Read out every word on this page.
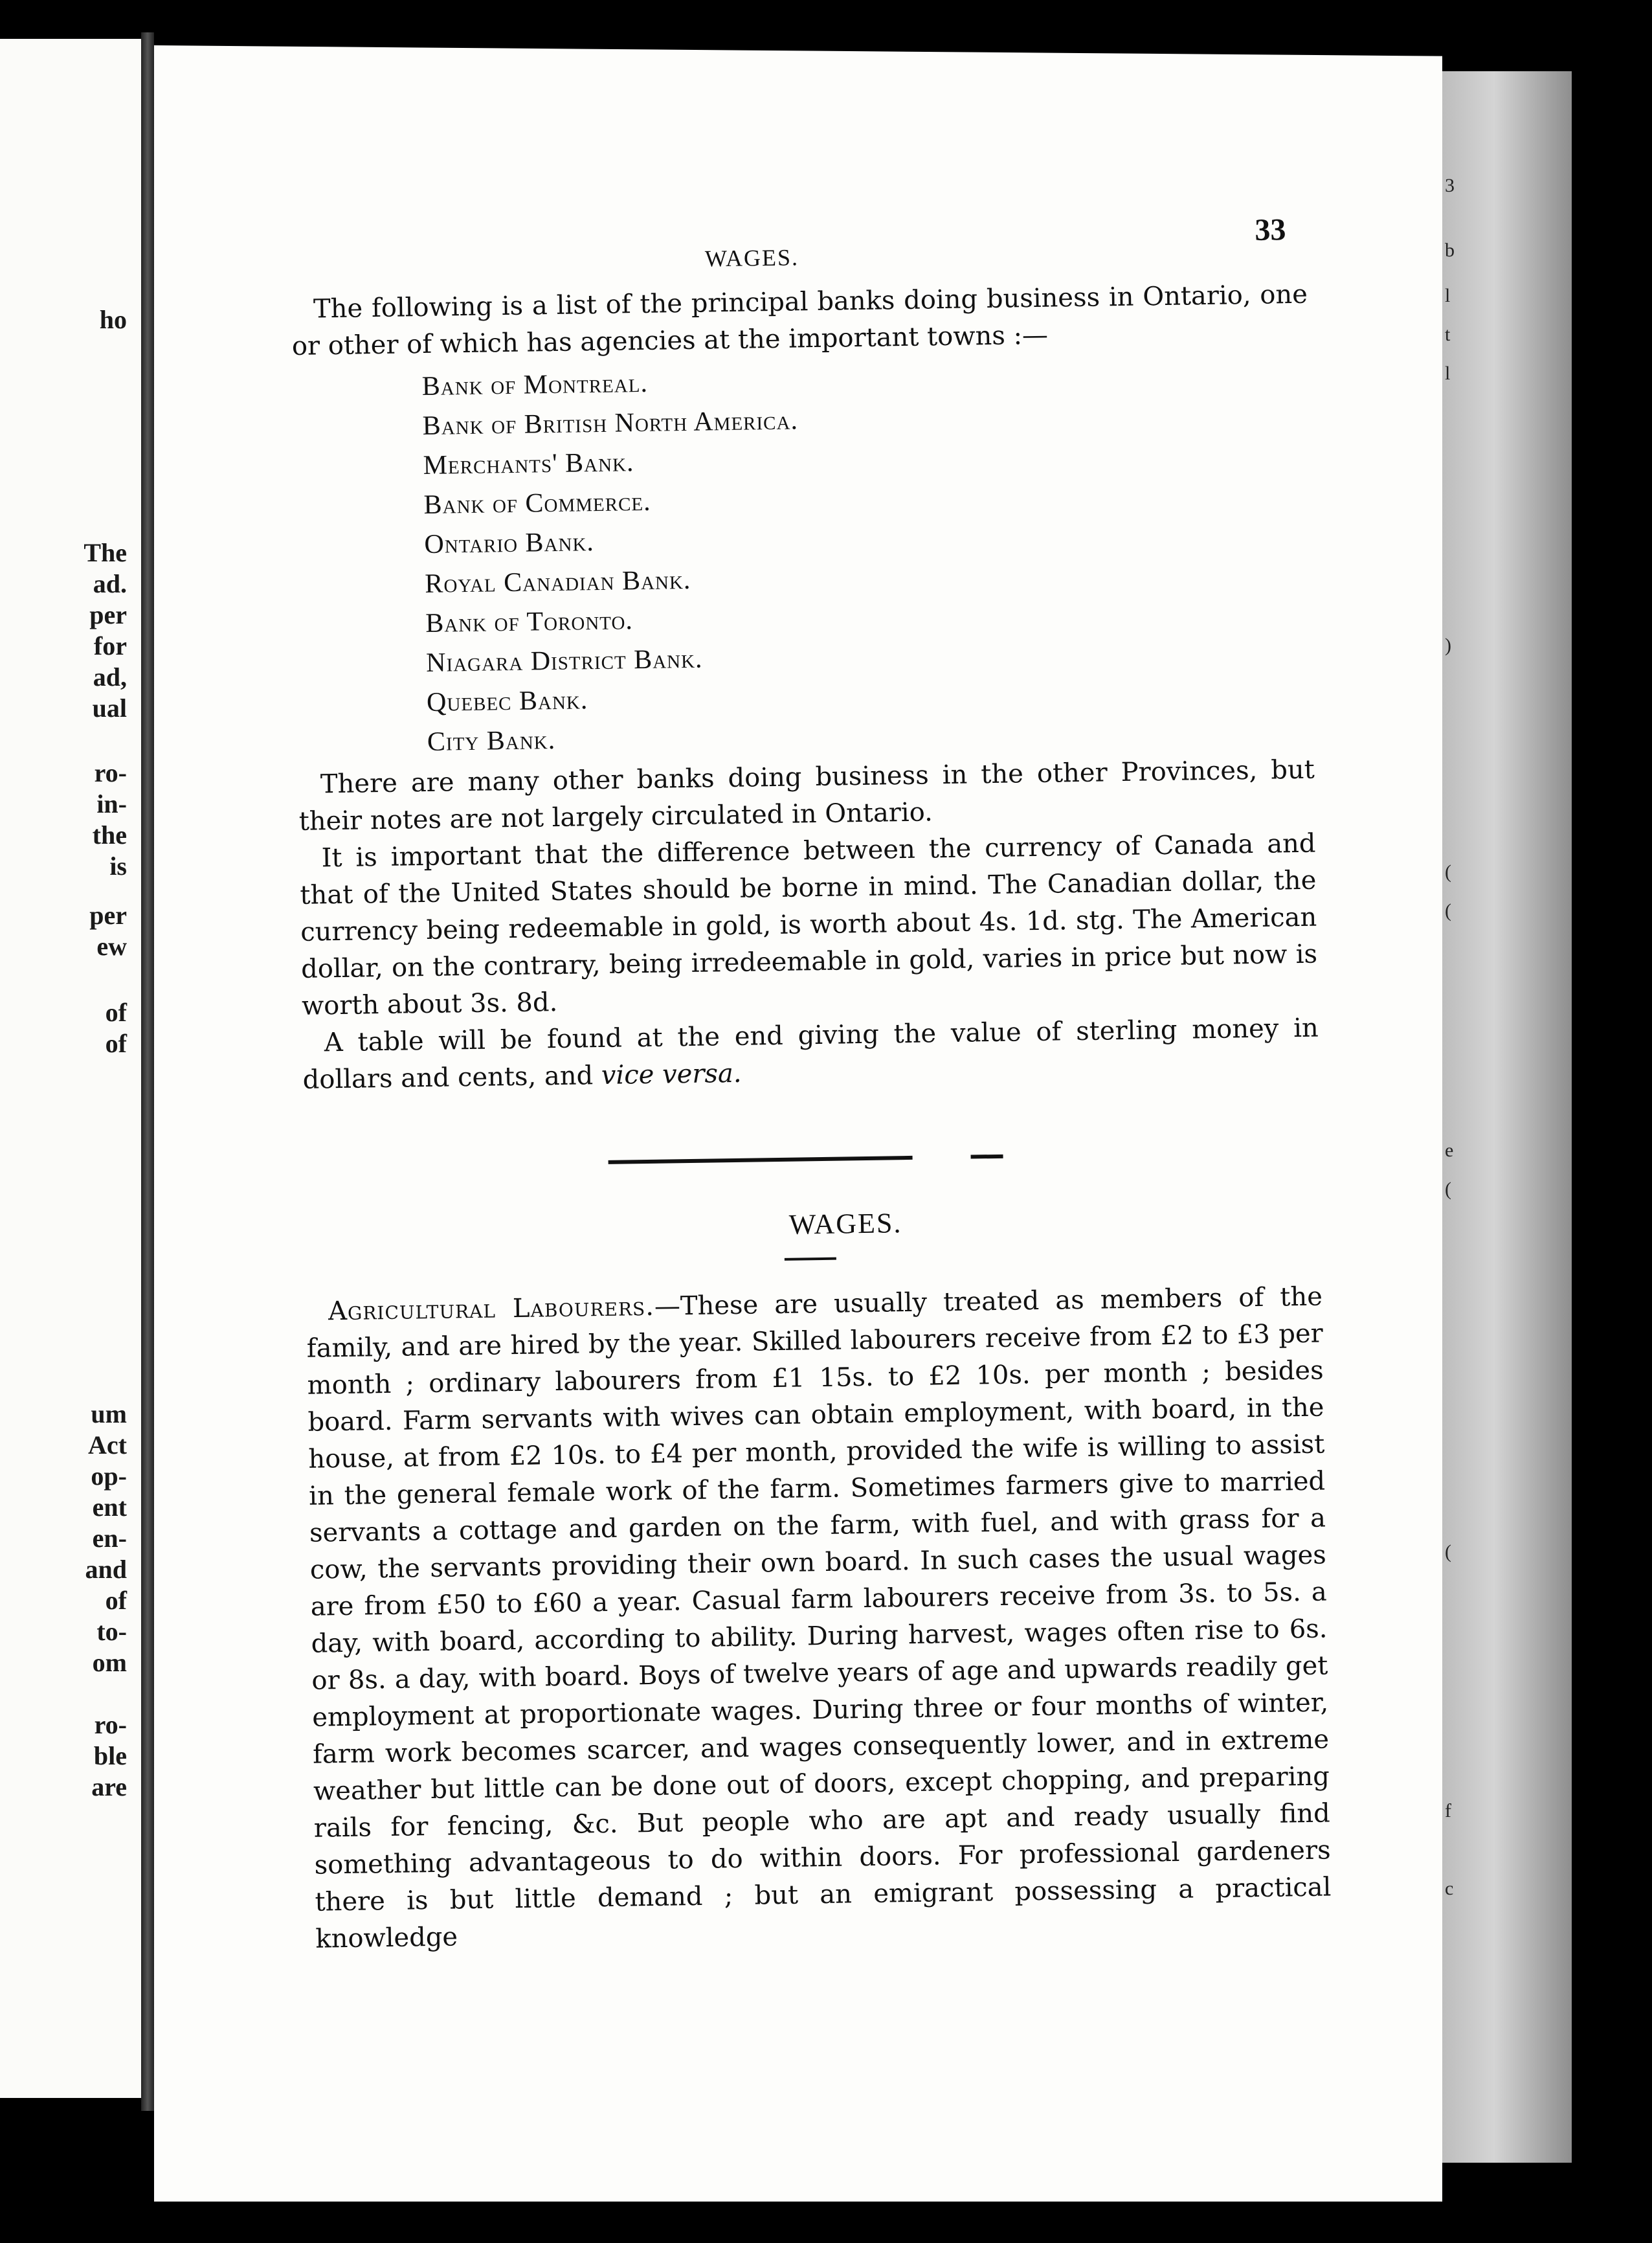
ho
The
ad.
per
for
ad,
ual
ro-
in-
the
is
per
ew
of
of
um
Act
op-
ent
en-
and
of
to-
om
ro-
ble
are
3
b
l
t
l
)
(
(
e
(
(
f
c
WAGES.
33

The following is a list of the principal banks doing business in Ontario, one or other of which has agencies at the important towns :—

Bank of Montreal.
Bank of British North America.
Merchants' Bank.
Bank of Commerce.
Ontario Bank.
Royal Canadian Bank.
Bank of Toronto.
Niagara District Bank.
Quebec Bank.
City Bank.

There are many other banks doing business in the other Provinces, but their notes are not largely circulated in Ontario.

It is important that the difference between the currency of Canada and that of the United States should be borne in mind. The Canadian dollar, the currency being redeemable in gold, is worth about 4s. 1d. stg. The American dollar, on the contrary, being irredeemable in gold, varies in price but now is worth about 3s. 8d.

A table will be found at the end giving the value of sterling money in dollars and cents, and vice versa.

WAGES.

Agricultural Labourers.—These are usually treated as members of the family, and are hired by the year. Skilled labourers receive from £2 to £3 per month ; ordinary labourers from £1 15s. to £2 10s. per month ; besides board. Farm servants with wives can obtain employment, with board, in the house, at from £2 10s. to £4 per month, provided the wife is willing to assist in the general female work of the farm. Sometimes farmers give to married servants a cottage and garden on the farm, with fuel, and with grass for a cow, the servants providing their own board. In such cases the usual wages are from £50 to £60 a year. Casual farm labourers receive from 3s. to 5s. a day, with board, according to ability. During harvest, wages often rise to 6s. or 8s. a day, with board. Boys of twelve years of age and upwards readily get employment at proportionate wages. During three or four months of winter, farm work becomes scarcer, and wages consequently lower, and in extreme weather but little can be done out of doors, except chopping, and preparing rails for fencing, &c. But people who are apt and ready usually find something advantageous to do within doors. For professional gardeners there is but little demand ; but an emigrant possessing a practical knowledge
